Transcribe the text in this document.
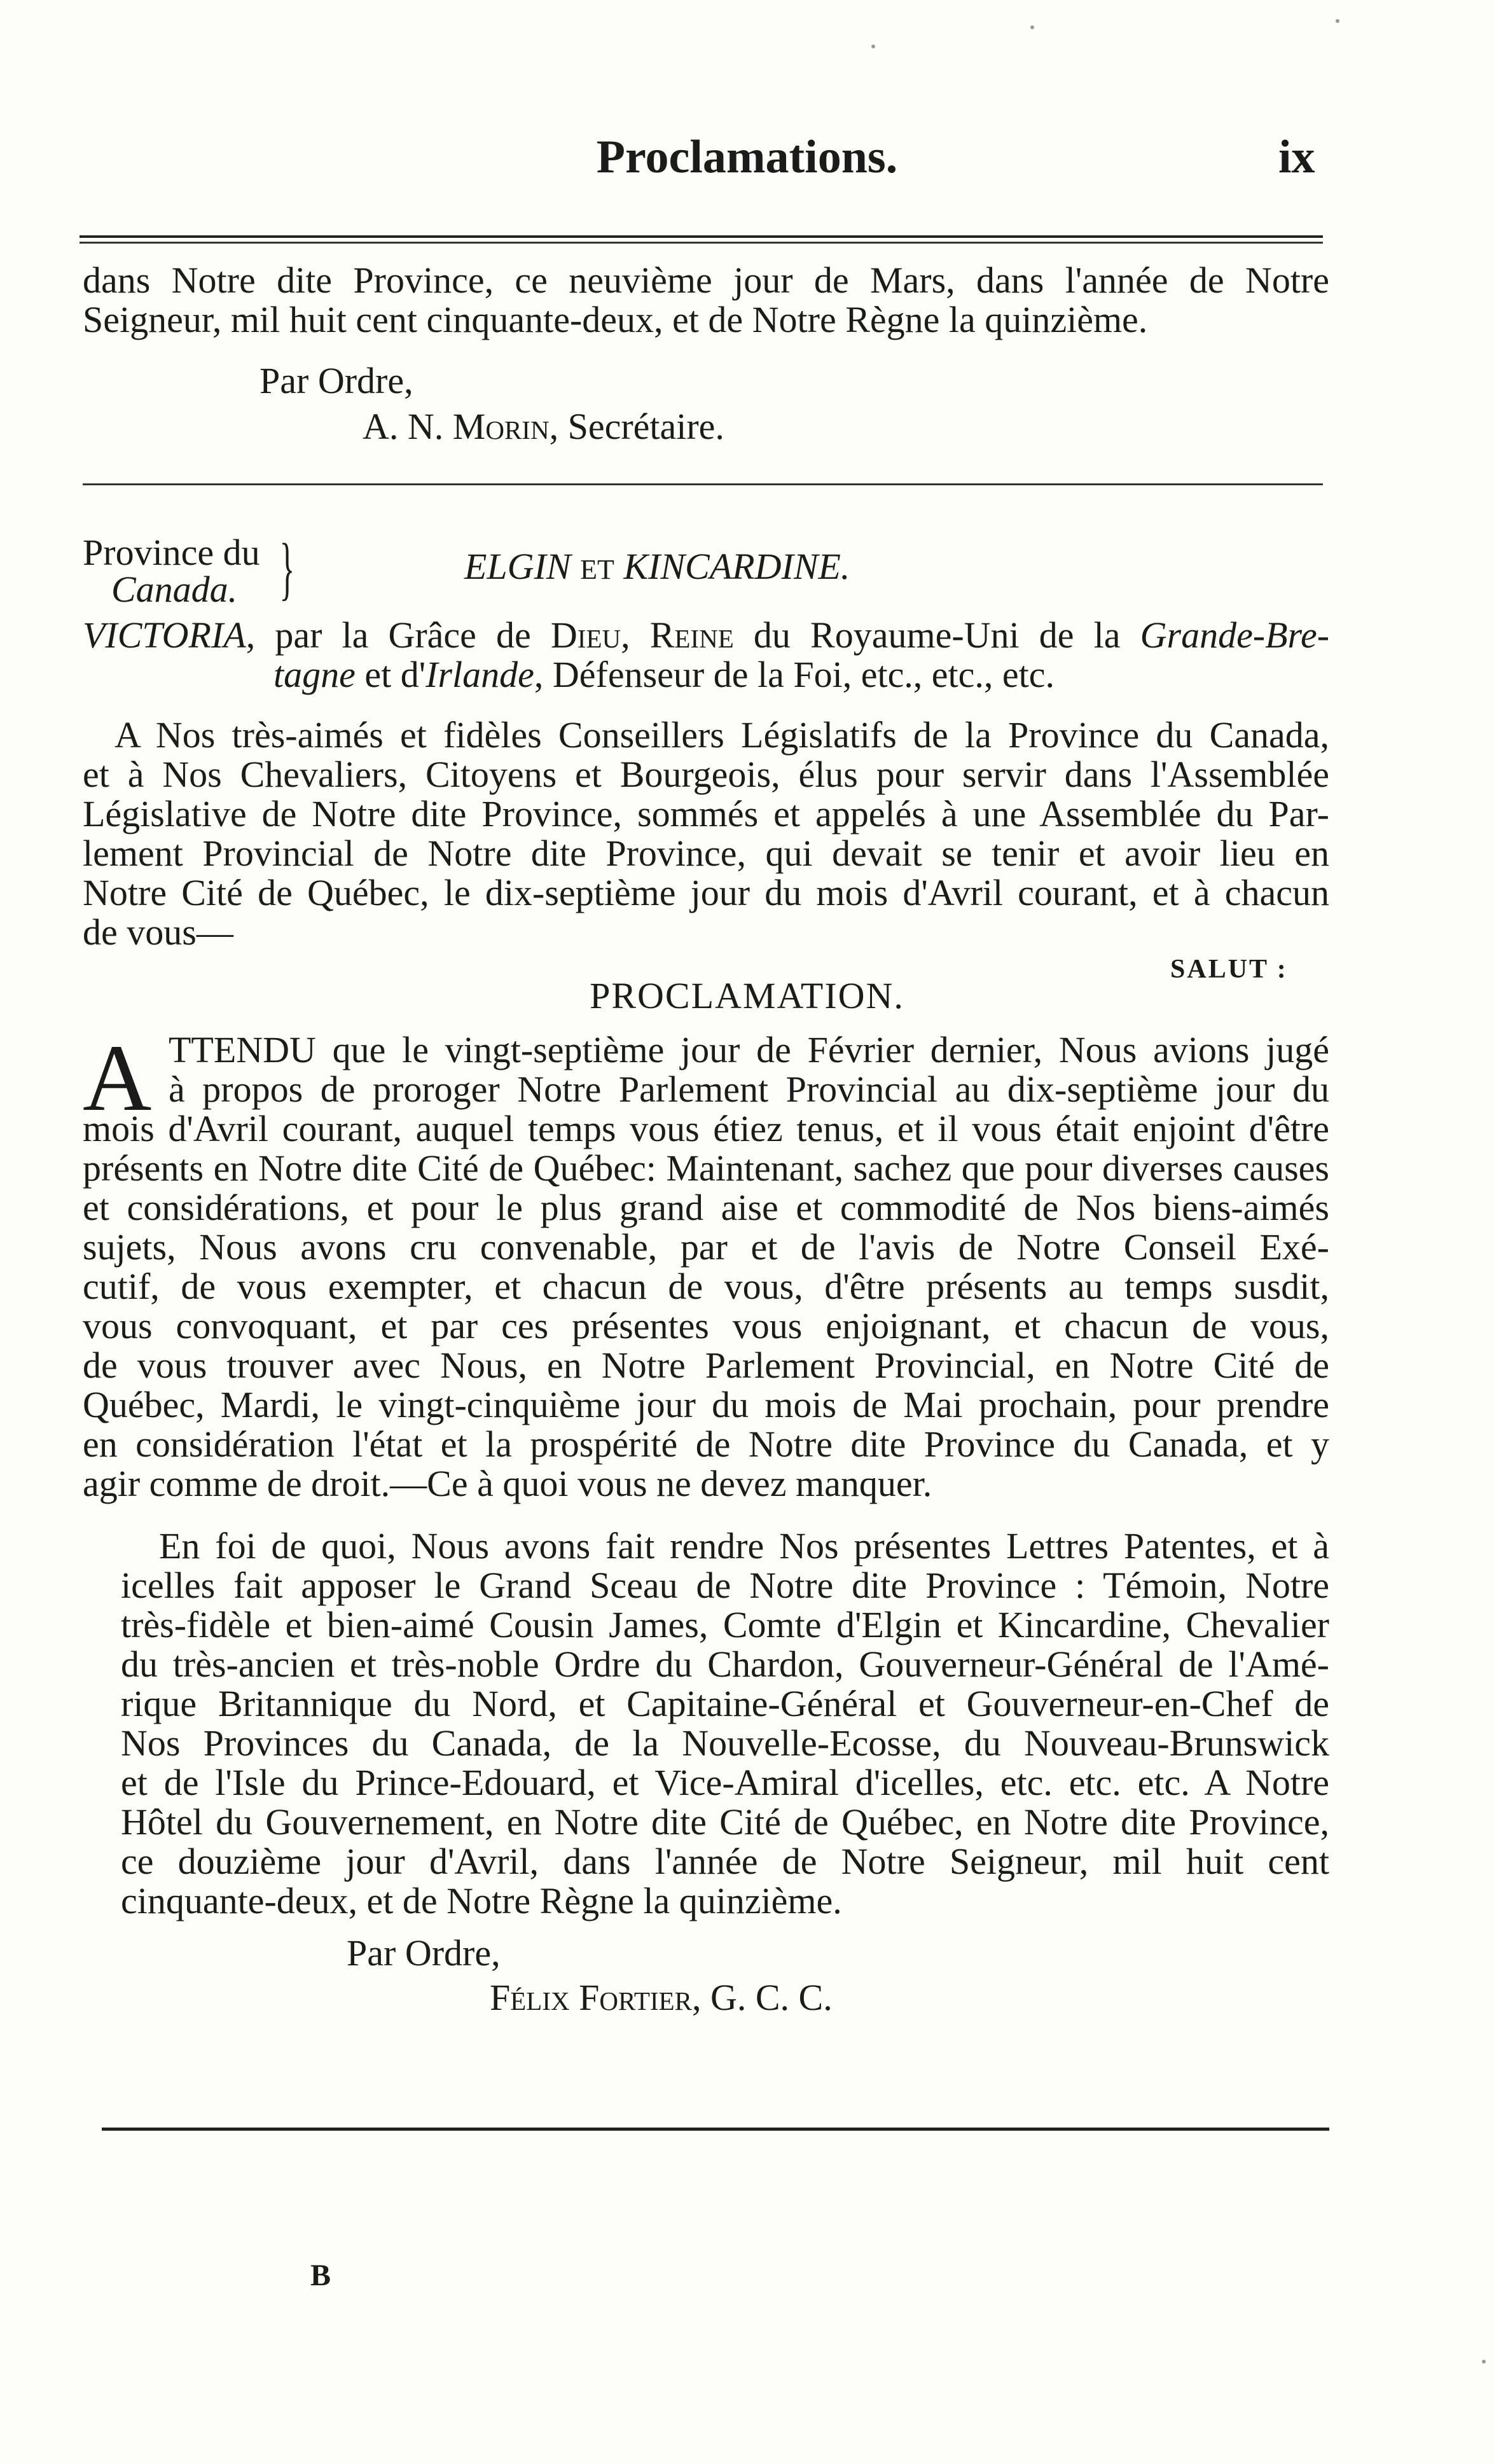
Proclamations.	ix
dans Notre dite Province, ce neuvième jour de Mars, dans l'année de Notre
Seigneur, mil huit cent cinquante-deux, et de Notre Règne la quinzième.
Par Ordre,
A. N. Morin, Secrétaire.
Province du
Canada. }	ELGIN ET KINCARDINE.
VICTORIA, par la Grâce de Dieu, Reine du Royaume-Uni de la Grande-Bre-
tagne et d'Irlande, Défenseur de la Foi, etc., etc., etc.
A Nos très-aimés et fidèles Conseillers Législatifs de la Province du Canada,
et à Nos Chevaliers, Citoyens et Bourgeois, élus pour servir dans l'Assemblée
Législative de Notre dite Province, sommés et appelés à une Assemblée du Par-
lement Provincial de Notre dite Province, qui devait se tenir et avoir lieu en
Notre Cité de Québec, le dix-septième jour du mois d'Avril courant, et à chacun
de vous—
SALUT :
PROCLAMATION.
A TTENDU que le vingt-septième jour de Février dernier, Nous avions jugé
à propos de proroger Notre Parlement Provincial au dix-septième jour du
mois d'Avril courant, auquel temps vous étiez tenus, et il vous était enjoint d'être
présents en Notre dite Cité de Québec: Maintenant, sachez que pour diverses causes
et considérations, et pour le plus grand aise et commodité de Nos biens-aimés
sujets, Nous avons cru convenable, par et de l'avis de Notre Conseil Exé-
cutif, de vous exempter, et chacun de vous, d'être présents au temps susdit,
vous convoquant, et par ces présentes vous enjoignant, et chacun de vous,
de vous trouver avec Nous, en Notre Parlement Provincial, en Notre Cité de
Québec, Mardi, le vingt-cinquième jour du mois de Mai prochain, pour prendre
en considération l'état et la prospérité de Notre dite Province du Canada, et y
agir comme de droit.—Ce à quoi vous ne devez manquer.
En foi de quoi, Nous avons fait rendre Nos présentes Lettres Patentes, et à
icelles fait apposer le Grand Sceau de Notre dite Province : Témoin, Notre
très-fidèle et bien-aimé Cousin James, Comte d'Elgin et Kincardine, Chevalier
du très-ancien et très-noble Ordre du Chardon, Gouverneur-Général de l'Amé-
rique Britannique du Nord, et Capitaine-Général et Gouverneur-en-Chef de
Nos Provinces du Canada, de la Nouvelle-Ecosse, du Nouveau-Brunswick
et de l'Isle du Prince-Edouard, et Vice-Amiral d'icelles, etc. etc. etc. A Notre
Hôtel du Gouvernement, en Notre dite Cité de Québec, en Notre dite Province,
ce douzième jour d'Avril, dans l'année de Notre Seigneur, mil huit cent
cinquante-deux, et de Notre Règne la quinzième.
Par Ordre,
Félix Fortier, G. C. C.
B
